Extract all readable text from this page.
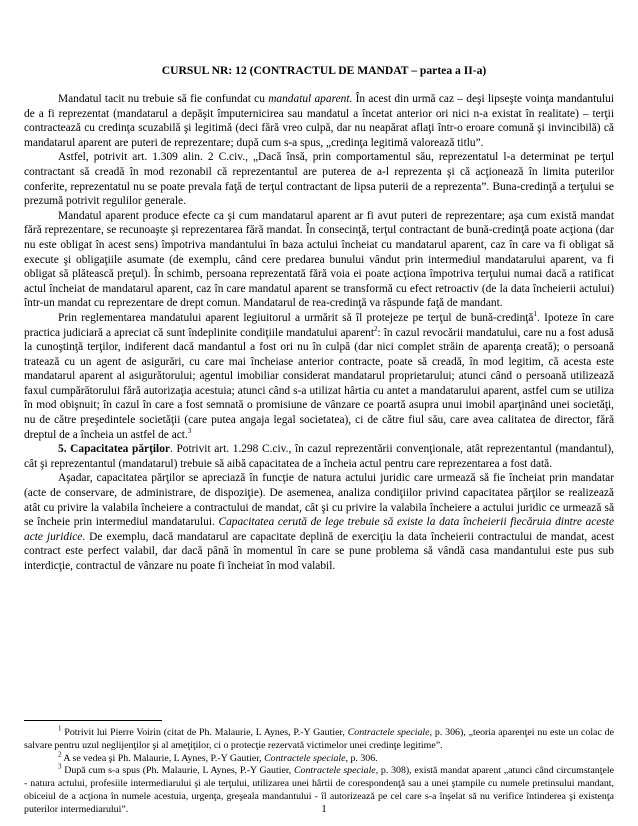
CURSUL NR: 12 (CONTRACTUL DE MANDAT – partea a II-a)

Mandatul tacit nu trebuie să fie confundat cu mandatul aparent. În acest din urmă caz – deşi lipseşte voinţa mandantului de a fi reprezentat (mandatarul a depăşit împuternicirea sau mandatul a încetat anterior ori nici n-a existat în realitate) – terţii contractează cu credinţa scuzabilă şi legitimă (deci fără vreo culpă, dar nu neapărat aflaţi într-o eroare comună şi invincibilă) că mandatarul aparent are puteri de reprezentare; după cum s-a spus, „credinţa legitimă valorează titlu”.

Astfel, potrivit art. 1.309 alin. 2 C.civ., „Dacă însă, prin comportamentul său, reprezentatul l-a determinat pe terţul contractant să creadă în mod rezonabil că reprezentantul are puterea de a-l reprezenta şi că acţionează în limita puterilor conferite, reprezentatul nu se poate prevala faţă de terţul contractant de lipsa puterii de a reprezenta”. Buna-credinţă a terţului se prezumă potrivit regulilor generale.

Mandatul aparent produce efecte ca şi cum mandatarul aparent ar fi avut puteri de reprezentare; aşa cum există mandat fără reprezentare, se recunoaşte şi reprezentarea fără mandat. În consecinţă, terţul contractant de bună-credinţă poate acţiona (dar nu este obligat în acest sens) împotriva mandantului în baza actului încheiat cu mandatarul aparent, caz în care va fi obligat să execute şi obligaţiile asumate (de exemplu, când cere predarea bunului vândut prin intermediul mandatarului aparent, va fi obligat să plătească preţul). În schimb, persoana reprezentată fără voia ei poate acţiona împotriva terţului numai dacă a ratificat actul încheiat de mandatarul aparent, caz în care mandatul aparent se transformă cu efect retroactiv (de la data încheierii actului) într-un mandat cu reprezentare de drept comun. Mandatarul de rea-credinţă va răspunde faţă de mandant.

Prin reglementarea mandatului aparent legiuitorul a urmărit să îl protejeze pe terţul de bună-credinţă$^1$. Ipoteze în care practica judiciară a apreciat că sunt îndeplinite condiţiile mandatului aparent$^2$: în cazul revocării mandatului, care nu a fost adusă la cunoştinţă terţilor, indiferent dacă mandantul a fost ori nu în culpă (dar nici complet străin de aparenţa creată); o persoană tratează cu un agent de asigurări, cu care mai încheiase anterior contracte, poate să creadă, în mod legitim, că acesta este mandatarul aparent al asigurătorului; agentul imobiliar considerat mandatarul proprietarului; atunci când o persoană utilizează faxul cumpărătorului fără autorizaţia acestuia; atunci când s-a utilizat hârtia cu antet a mandatarului aparent, astfel cum se utiliza în mod obişnuit; în cazul în care a fost semnată o promisiune de vânzare ce poartă asupra unui imobil aparţinând unei societăţi, nu de către preşedintele societăţii (care putea angaja legal societatea), ci de către fiul său, care avea calitatea de director, fără dreptul de a încheia un astfel de act.$^3$

5. Capacitatea părţilor. Potrivit art. 1.298 C.civ., în cazul reprezentării convenţionale, atât reprezentantul (mandantul), cât şi reprezentantul (mandatarul) trebuie să aibă capacitatea de a încheia actul pentru care reprezentarea a fost dată.

Aşadar, capacitatea părţilor se apreciază în funcţie de natura actului juridic care urmează să fie încheiat prin mandatar (acte de conservare, de administrare, de dispoziţie). De asemenea, analiza condiţiilor privind capacitatea părţilor se realizează atât cu privire la valabila încheiere a contractului de mandat, cât şi cu privire la valabila încheiere a actului juridic ce urmează să se încheie prin intermediul mandatarului. Capacitatea cerută de lege trebuie să existe la data încheierii fiecăruia dintre aceste acte juridice. De exemplu, dacă mandatarul are capacitate deplină de exerciţiu la data încheierii contractului de mandat, acest contract este perfect valabil, dar dacă până în momentul în care se pune problema să vândă casa mandantului este pus sub interdicţie, contractul de vânzare nu poate fi încheiat în mod valabil.

$^1$ Potrivit lui Pierre Voirin (citat de Ph. Malaurie, L Aynes, P.-Y Gautier, Contractele speciale, p. 306), „teoria aparenţei nu este un colac de salvare pentru uzul neglijenţilor şi al ameţiţilor, ci o protecţie rezervată victimelor unei credinţe legitime”.

$^2$ A se vedea şi Ph. Malaurie, L Aynes, P.-Y Gautier, Contractele speciale, p. 306.

$^3$ După cum s-a spus (Ph. Malaurie, L Aynes, P.-Y Gautier, Contractele speciale, p. 308), există mandat aparent „atunci când circumstanţele - natura actului, profesiile intermediarului şi ale terţului, utilizarea unei hârtii de corespondenţă sau a unei ştampile cu numele pretinsului mandant, obiceiul de a acţiona în numele acestuia, urgenţa, greşeala mandantului - îl autorizează pe cel care s-a înşelat să nu verifice întinderea şi existenţa puterilor intermediarului”.	1
